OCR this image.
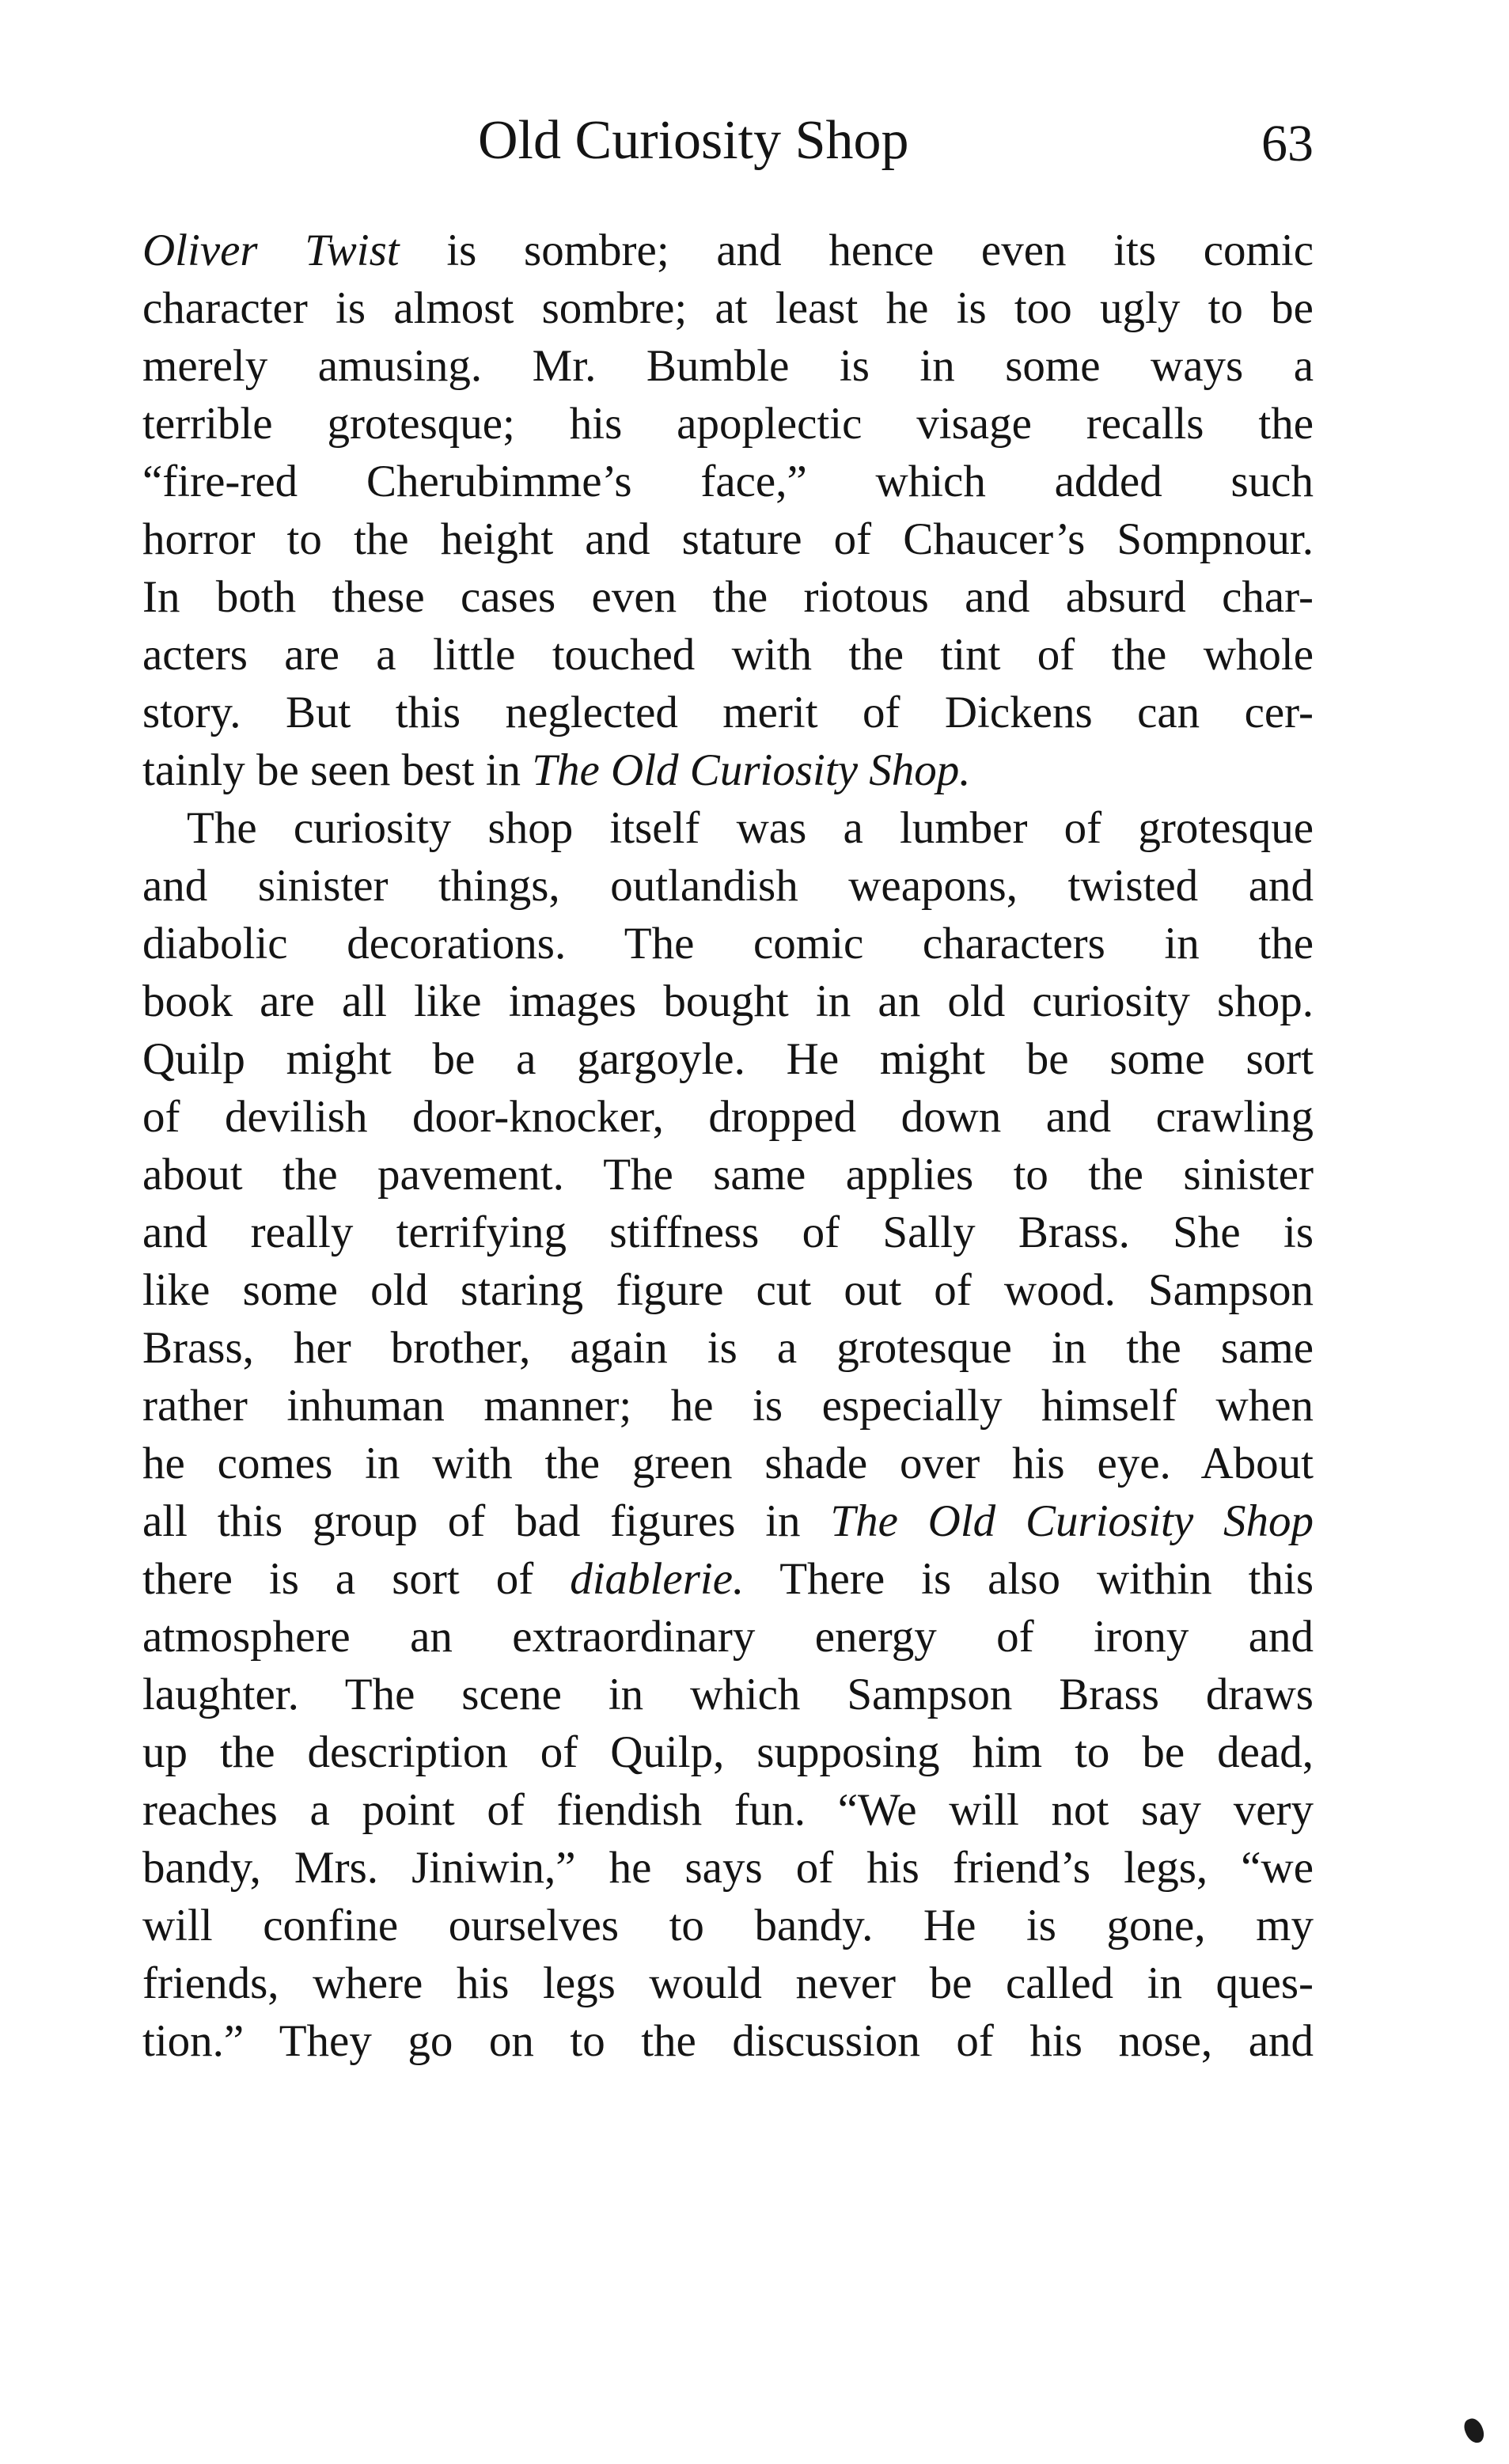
Old Curiosity Shop	63
Oliver Twist is sombre; and hence even its comic
character is almost sombre; at least he is too ugly to be
merely amusing. Mr. Bumble is in some ways a
terrible grotesque; his apoplectic visage recalls the
“fire-red Cherubimme’s face,” which added such
horror to the height and stature of Chaucer’s Sompnour.
In both these cases even the riotous and absurd char-
acters are a little touched with the tint of the whole
story. But this neglected merit of Dickens can cer-
tainly be seen best in The Old Curiosity Shop.
The curiosity shop itself was a lumber of grotesque
and sinister things, outlandish weapons, twisted and
diabolic decorations. The comic characters in the
book are all like images bought in an old curiosity shop.
Quilp might be a gargoyle. He might be some sort
of devilish door-knocker, dropped down and crawling
about the pavement. The same applies to the sinister
and really terrifying stiffness of Sally Brass. She is
like some old staring figure cut out of wood. Sampson
Brass, her brother, again is a grotesque in the same
rather inhuman manner; he is especially himself when
he comes in with the green shade over his eye. About
all this group of bad figures in The Old Curiosity Shop
there is a sort of diablerie. There is also within this
atmosphere an extraordinary energy of irony and
laughter. The scene in which Sampson Brass draws
up the description of Quilp, supposing him to be dead,
reaches a point of fiendish fun. “We will not say very
bandy, Mrs. Jiniwin,” he says of his friend’s legs, “we
will confine ourselves to bandy. He is gone, my
friends, where his legs would never be called in ques-
tion.” They go on to the discussion of his nose, and
